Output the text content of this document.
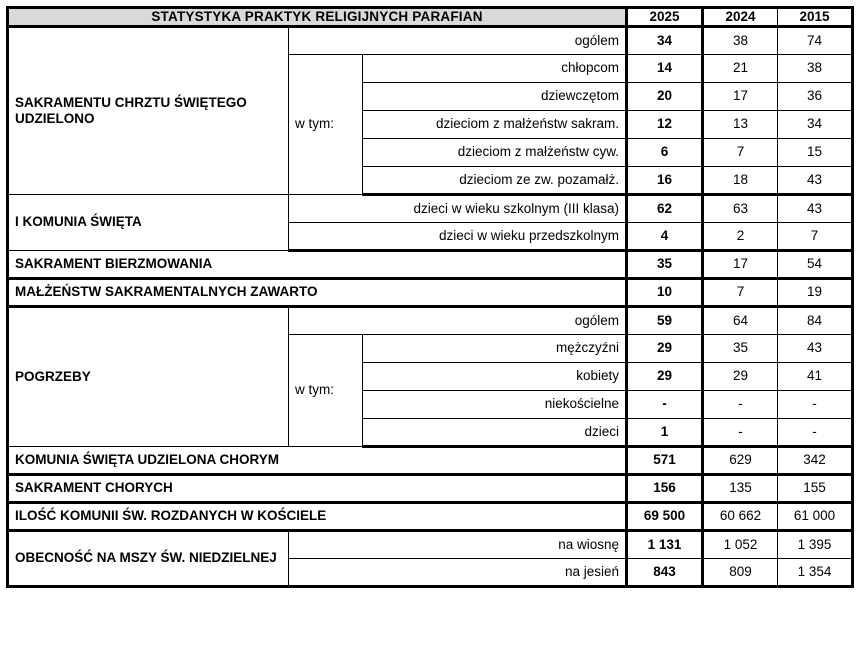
STATYSTYKA PRAKTYK RELIGIJNYCH PARAFIAN			2025	2024	2015
SAKRAMENTU CHRZTU ŚWIĘTEGO UDZIELONO	ogólem		34	38	74
	w tym:	chłopcom	14	21	38
		dziewczętom	20	17	36
		dzieciom z małżeństw sakram.	12	13	34
		dzieciom z małżeństw cyw.	6	7	15
		dzieciom ze zw. pozamałż.	16	18	43
I KOMUNIA ŚWIĘTA	dzieci w wieku szkolnym (III klasa)		62	63	43
	dzieci w wieku przedszkolnym		4	2	7
SAKRAMENT BIERZMOWANIA			35	17	54
MAŁŻEŃSTW SAKRAMENTALNYCH ZAWARTO			10	7	19
POGRZEBY	ogólem		59	64	84
	w tym:	mężczyźni	29	35	43
		kobiety	29	29	41
		niekościelne	-	-	-
		dzieci	1	-	-
KOMUNIA ŚWIĘTA UDZIELONA CHORYM			571	629	342
SAKRAMENT CHORYCH			156	135	155
ILOŚĆ KOMUNII ŚW. ROZDANYCH W KOŚCIELE			69 500	60 662	61 000
OBECNOŚĆ NA MSZY ŚW. NIEDZIELNEJ	na wiosnę		1 131	1 052	1 395
	na jesień		843	809	1 354
